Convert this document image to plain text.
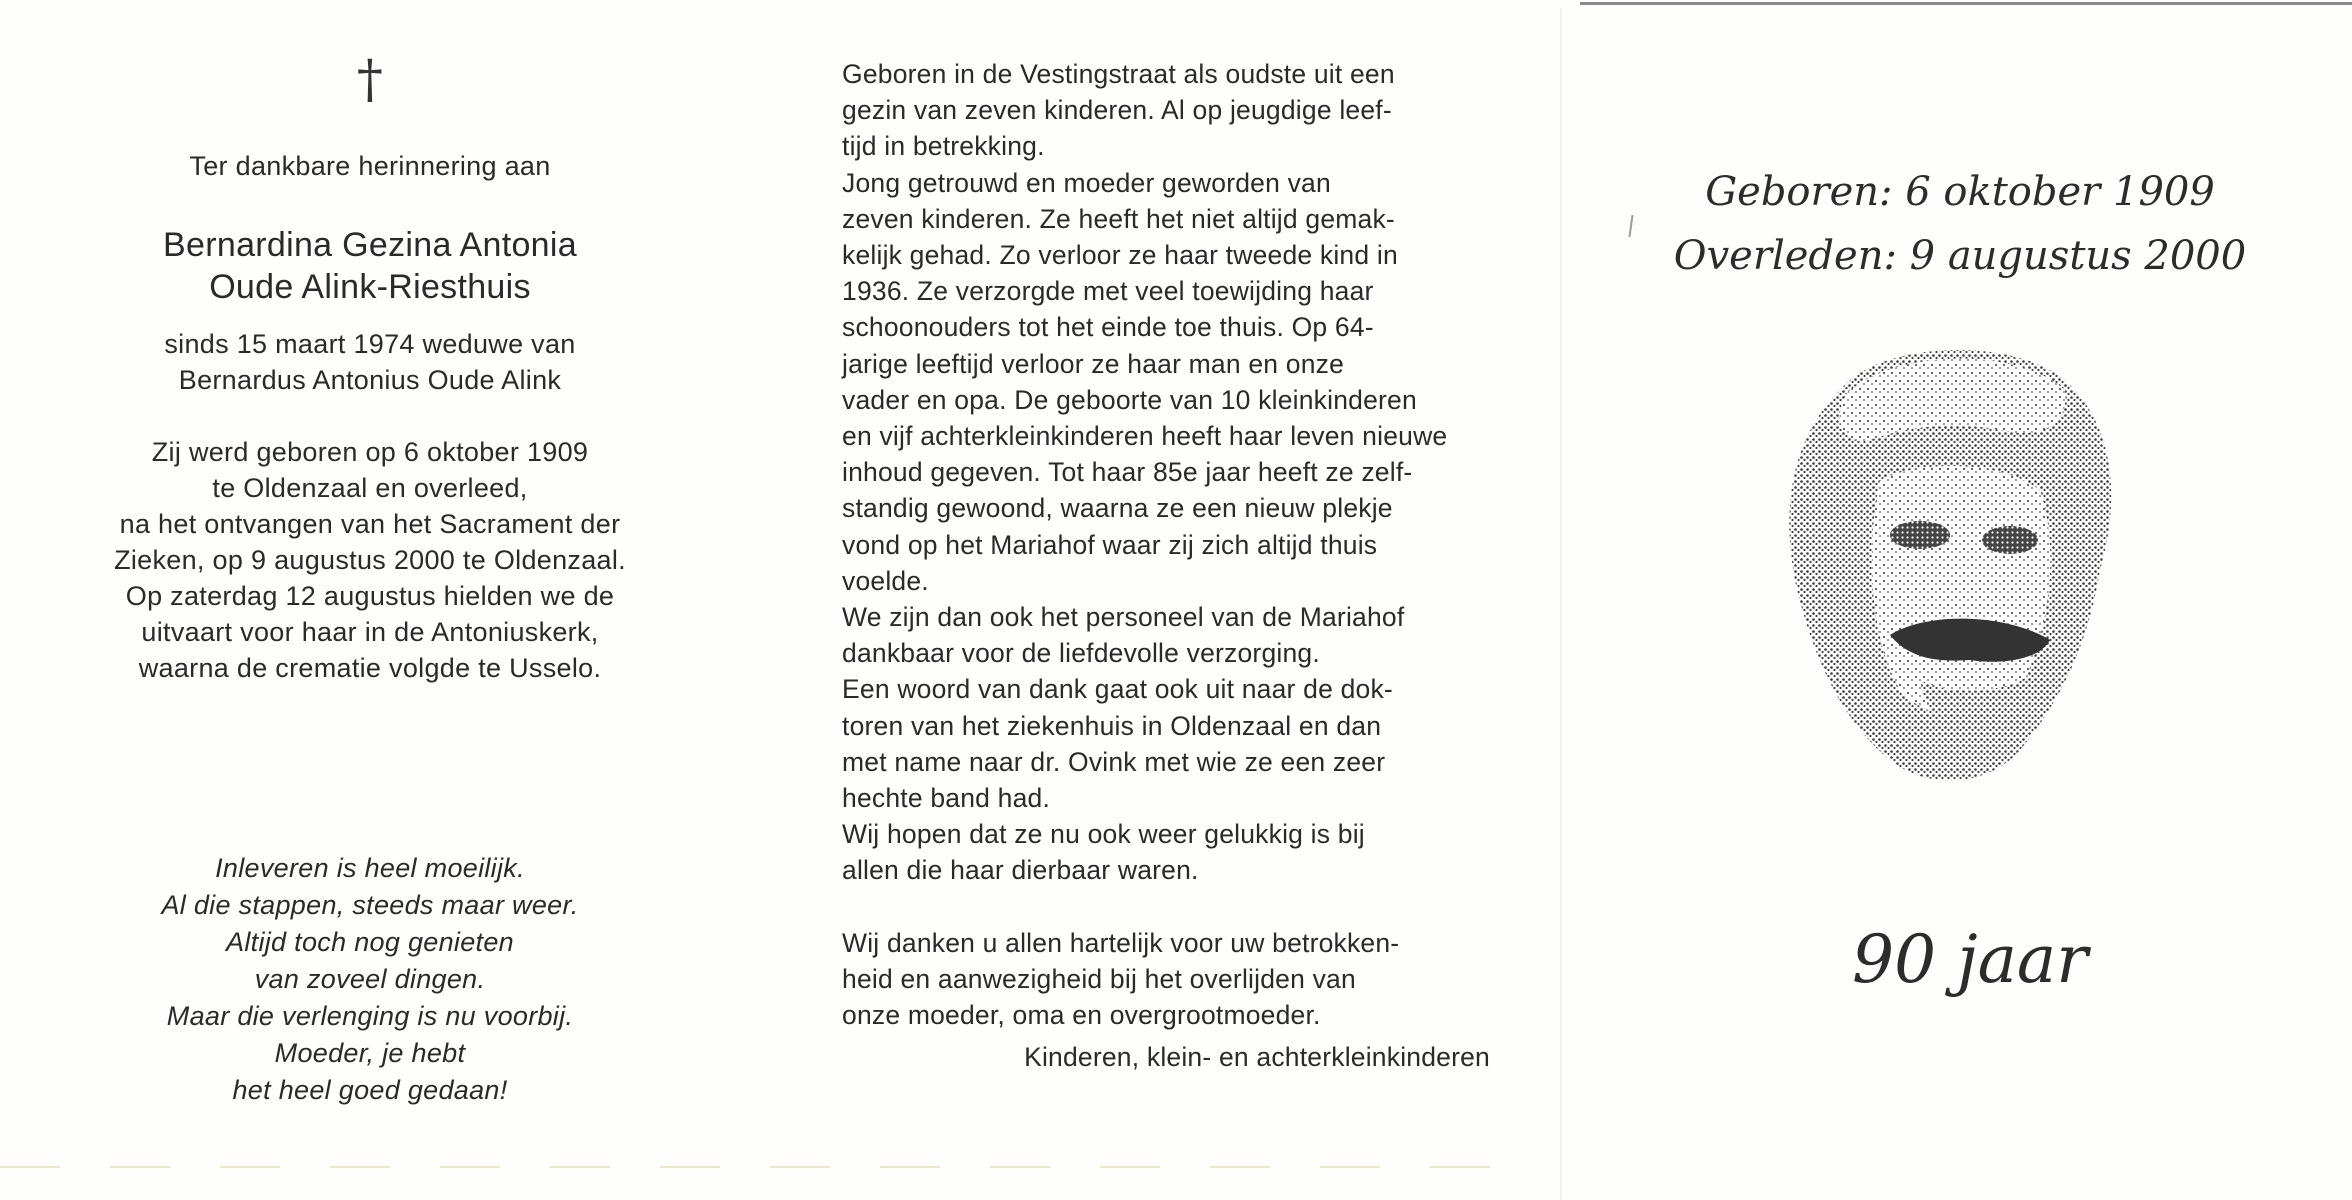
†
Ter dankbare herinnering aan
Bernardina Gezina Antonia
Oude Alink-Riesthuis
sinds 15 maart 1974 weduwe van
Bernardus Antonius Oude Alink
Zij werd geboren op 6 oktober 1909
te Oldenzaal en overleed,
na het ontvangen van het Sacrament der
Zieken, op 9 augustus 2000 te Oldenzaal.
Op zaterdag 12 augustus hielden we de
uitvaart voor haar in de Antoniuskerk,
waarna de crematie volgde te Usselo.
Inleveren is heel moeilijk.
Al die stappen, steeds maar weer.
Altijd toch nog genieten
van zoveel dingen.
Maar die verlenging is nu voorbij.
Moeder, je hebt
het heel goed gedaan!
Geboren in de Vestingstraat als oudste uit een
gezin van zeven kinderen. Al op jeugdige leef-
tijd in betrekking.
Jong getrouwd en moeder geworden van
zeven kinderen. Ze heeft het niet altijd gemak-
kelijk gehad. Zo verloor ze haar tweede kind in
1936. Ze verzorgde met veel toewijding haar
schoonouders tot het einde toe thuis. Op 64-
jarige leeftijd verloor ze haar man en onze
vader en opa. De geboorte van 10 kleinkinderen
en vijf achterkleinkinderen heeft haar leven nieuwe
inhoud gegeven. Tot haar 85e jaar heeft ze zelf-
standig gewoond, waarna ze een nieuw plekje
vond op het Mariahof waar zij zich altijd thuis
voelde.
We zijn dan ook het personeel van de Mariahof
dankbaar voor de liefdevolle verzorging.
Een woord van dank gaat ook uit naar de dok-
toren van het ziekenhuis in Oldenzaal en dan
met name naar dr. Ovink met wie ze een zeer
hechte band had.
Wij hopen dat ze nu ook weer gelukkig is bij
allen die haar dierbaar waren.
Wij danken u allen hartelijk voor uw betrokken-
heid en aanwezigheid bij het overlijden van
onze moeder, oma en overgrootmoeder.
Kinderen, klein- en achterkleinkinderen
Geboren: 6 oktober 1909
Overleden: 9 augustus 2000
90 jaar
